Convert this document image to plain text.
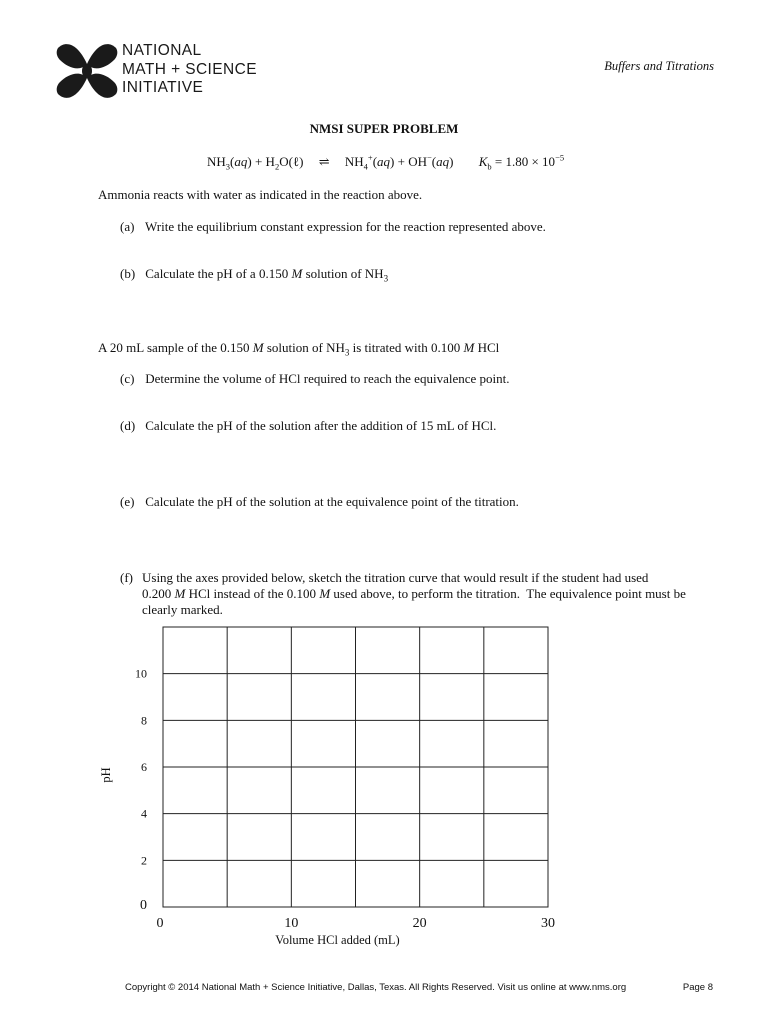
NATIONAL
MATH + SCIENCE
INITIATIVE
Buffers and Titrations
NMSI SUPER PROBLEM
$NH_3(aq)$ + $H_2O(\ell)$ ⇌ $NH_4^+(aq) + OH^-(aq) K_b = 1.80 \times 10^{-5}$
Ammonia reacts with water as indicated in the reaction above.
(a) Write the equilibrium constant expression for the reaction represented above.
(b) Calculate the pH of a 0.150 M solution of $NH_3$
A 20 mL sample of the 0.150 M solution of $NH_3$ is titrated with 0.100 M HCl
(c) Determine the volume of HCl required to reach the equivalence point.
(d) Calculate the pH of the solution after the addition of 15 mL of HCl.
(e) Calculate the pH of the solution at the equivalence point of the titration.
(f) Using the axes provided below, sketch the titration curve that would result if the student had used
0.200 M HCl instead of the 0.100 M used above, to perform the titration.  The equivalence point must be
clearly marked.
0
2
4
6
8
10
0	10	20	30
Volume HCl added (mL)
pH
Copyright © 2014 National Math + Science Initiative, Dallas, Texas. All Rights Reserved. Visit us online at www.nms.org	Page 8
